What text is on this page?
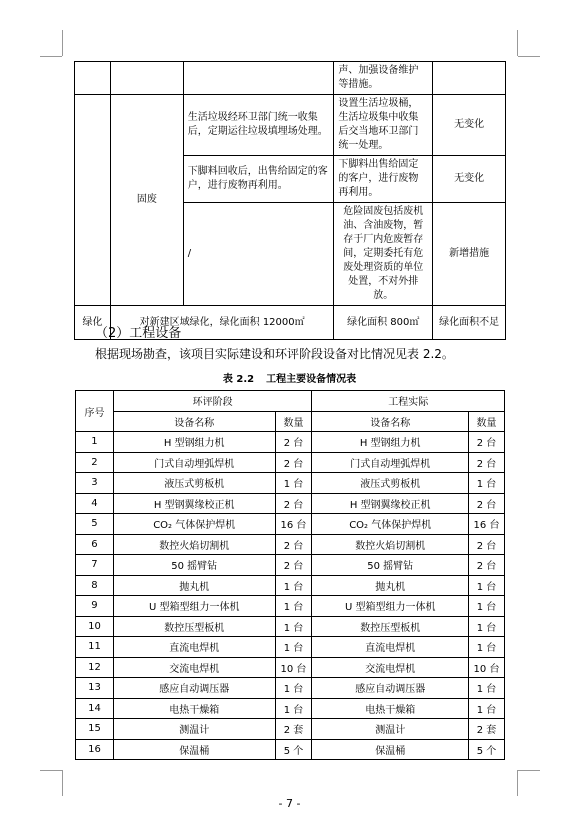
			声、加强设备维护等措施。	
	固废	生活垃圾经环卫部门统一收集后，定期运往垃圾填埋场处理。	设置生活垃圾桶，生活垃圾集中收集后交当地环卫部门统一处理。	无变化
		下脚料回收后，出售给固定的客户，进行废物再利用。	下脚料出售给固定的客户，进行废物再利用。	无变化
		/	危险固废包括废机油、含油废物，暂存于厂内危废暂存间，定期委托有危废处理资质的单位处置，不对外排放。	新增措施
绿化	对新建区域绿化，绿化面积 12000㎡		绿化面积 800㎡	绿化面积不足
（2）工程设备
根据现场勘查，该项目实际建设和环评阶段设备对比情况见表 2.2。
表 2.2 工程主要设备情况表
序号	环评阶段		工程实际	
	设备名称	数量	设备名称	数量
1	H 型钢组力机	2 台	H 型钢组力机	2 台
2	门式自动埋弧焊机	2 台	门式自动埋弧焊机	2 台
3	液压式剪板机	1 台	液压式剪板机	1 台
4	H 型钢翼缘校正机	2 台	H 型钢翼缘校正机	2 台
5	CO₂ 气体保护焊机	16 台	CO₂ 气体保护焊机	16 台
6	数控火焰切割机	2 台	数控火焰切割机	2 台
7	50 摇臂钻	2 台	50 摇臂钻	2 台
8	抛丸机	1 台	抛丸机	1 台
9	U 型箱型组力一体机	1 台	U 型箱型组力一体机	1 台
10	数控压型板机	1 台	数控压型板机	1 台
11	直流电焊机	1 台	直流电焊机	1 台
12	交流电焊机	10 台	交流电焊机	10 台
13	感应自动调压器	1 台	感应自动调压器	1 台
14	电热干燥箱	1 台	电热干燥箱	1 台
15	测温计	2 套	测温计	2 套
16	保温桶	5 个	保温桶	5 个
- 7 -
